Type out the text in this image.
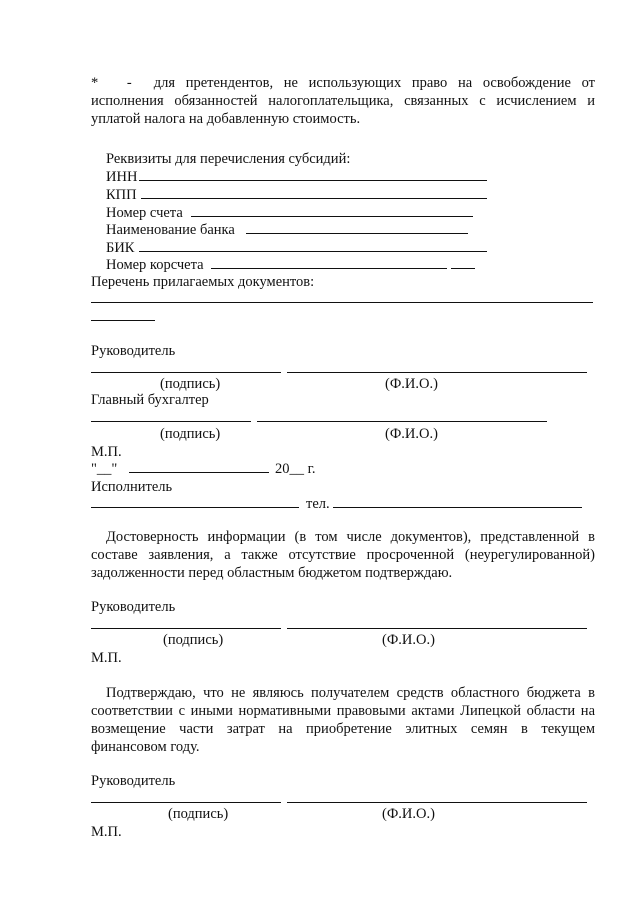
* - для претендентов, не использующих право на освобождение от исполнения обязанностей налогоплательщика, связанных с исчислением и уплатой налога на добавленную стоимость.
Реквизиты для перечисления субсидий:
ИНН
КПП
Номер счета
Наименование банка
БИК
Номер корсчета
Перечень прилагаемых документов:
Руководитель
(подпись)	(Ф.И.О.)
Главный бухгалтер
(подпись)	(Ф.И.О.)
М.П.
"__"	20__ г.
Исполнитель
тел.
Достоверность информации (в том числе документов), представленной в составе заявления, а также отсутствие просроченной (неурегулированной) задолженности перед областным бюджетом подтверждаю.
Руководитель
(подпись)	(Ф.И.О.)
М.П.
Подтверждаю, что не являюсь получателем средств областного бюджета в соответствии с иными нормативными правовыми актами Липецкой области на возмещение части затрат на приобретение элитных семян в текущем финансовом году.
Руководитель
(подпись)	(Ф.И.О.)
М.П.
